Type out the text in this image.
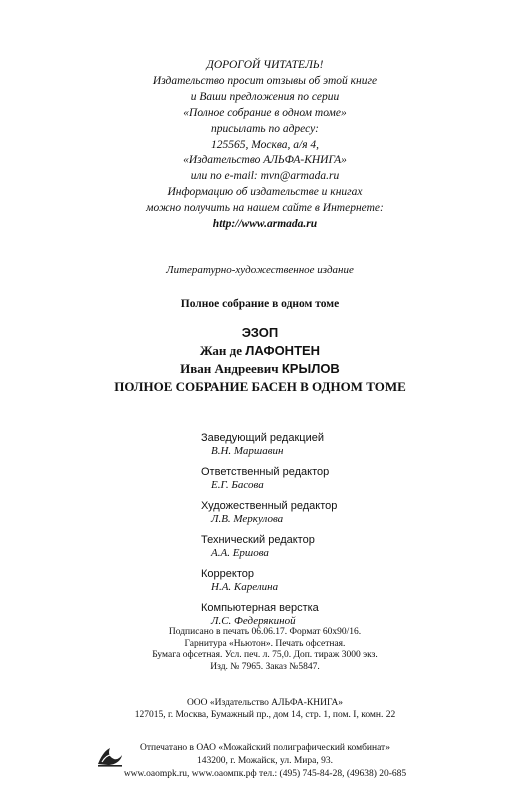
ДОРОГОЙ ЧИТАТЕЛЬ!
Издательство просит отзывы об этой книге
и Ваши предложения по серии
«Полное собрание в одном томе»
присылать по адресу:
125565, Москва, а/я 4,
«Издательство АЛЬФА-КНИГА»
или по e-mail: mvn@armada.ru
Информацию об издательстве и книгах
можно получить на нашем сайте в Интернете:
http://www.armada.ru
Литературно-художественное издание
Полное собрание в одном томе
ЭЗОП
Жан де ЛАФОНТЕН
Иван Андреевич КРЫЛОВ
ПОЛНОЕ СОБРАНИЕ БАСЕН В ОДНОМ ТОМЕ
Заведующий редакцией
В.Н. Маршавин
Ответственный редактор
Е.Г. Басова
Художественный редактор
Л.В. Меркулова
Технический редактор
А.А. Ершова
Корректор
Н.А. Карелина
Компьютерная верстка
Л.С. Федерякиной
Подписано в печать 06.06.17. Формат 60х90/16.
Гарнитура «Ньютон». Печать офсетная.
Бумага офсетная. Усл. печ. л. 75,0. Доп. тираж 3000 экз.
Изд. № 7965. Заказ №5847.
ООО «Издательство АЛЬФА-КНИГА»
127015, г. Москва, Бумажный пр., дом 14, стр. 1, пом. I, комн. 22
Отпечатано в ОАО «Можайский полиграфический комбинат»
143200, г. Можайск, ул. Мира, 93.
www.oaompk.ru, www.оаомпк.рф тел.: (495) 745-84-28, (49638) 20-685
